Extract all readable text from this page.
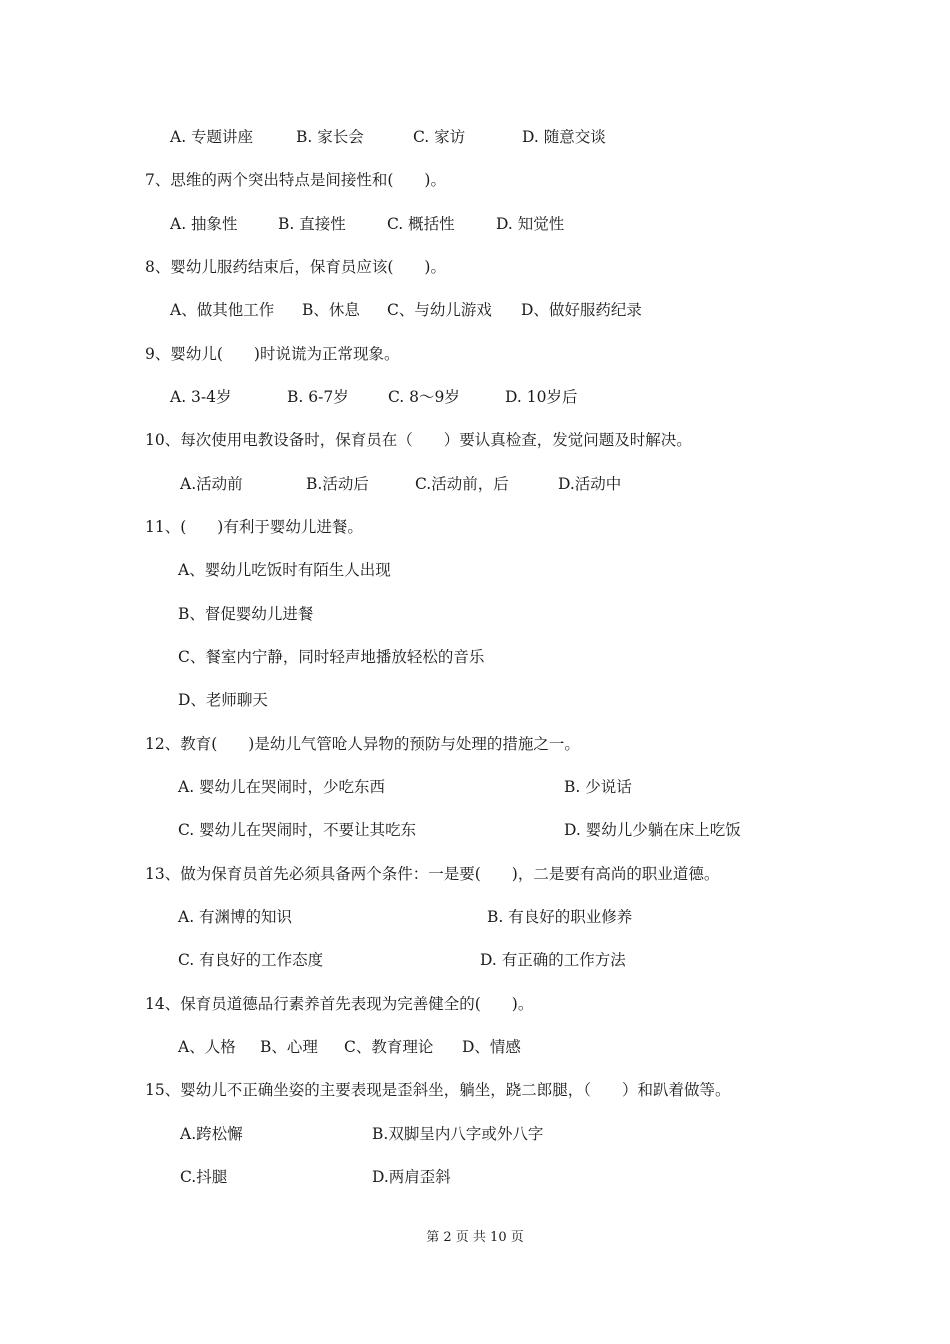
A. 专题讲座	B. 家长会	C. 家访	D. 随意交谈
7、思维的两个突出特点是间接性和(　　)。
A. 抽象性	B. 直接性	C. 概括性	D. 知觉性
8、婴幼儿服药结束后，保育员应该(　　)。
A、做其他工作 B、休息 C、与幼儿游戏 D、做好服药纪录
9、婴幼儿(　　)时说谎为正常现象。
A. 3-4岁	B. 6-7岁	C. 8～9岁	D. 10岁后
10、每次使用电教设备时，保育员在（　　）要认真检查，发觉问题及时解决。
A.活动前	B.活动后	C.活动前，后	D.活动中
11、(　　)有利于婴幼儿进餐。
A、婴幼儿吃饭时有陌生人出现
B、督促婴幼儿进餐
C、餐室内宁静，同时轻声地播放轻松的音乐
D、老师聊天
12、教育(　　)是幼儿气管呛人异物的预防与处理的措施之一。
A. 婴幼儿在哭闹时，少吃东西	B. 少说话
C. 婴幼儿在哭闹时，不要让其吃东	D. 婴幼儿少躺在床上吃饭
13、做为保育员首先必须具备两个条件：一是要(　　)，二是要有高尚的职业道德。
A. 有渊博的知识	B. 有良好的职业修养
C. 有良好的工作态度	D. 有正确的工作方法
14、保育员道德品行素养首先表现为完善健全的(　　)。
A、人格 B、心理 C、教育理论 D、情感
15、婴幼儿不正确坐姿的主要表现是歪斜坐，躺坐，跷二郎腿，（　　）和趴着做等。
A.跨松懈	B.双脚呈内八字或外八字
C.抖腿	D.两肩歪斜
第 2 页 共 10 页
